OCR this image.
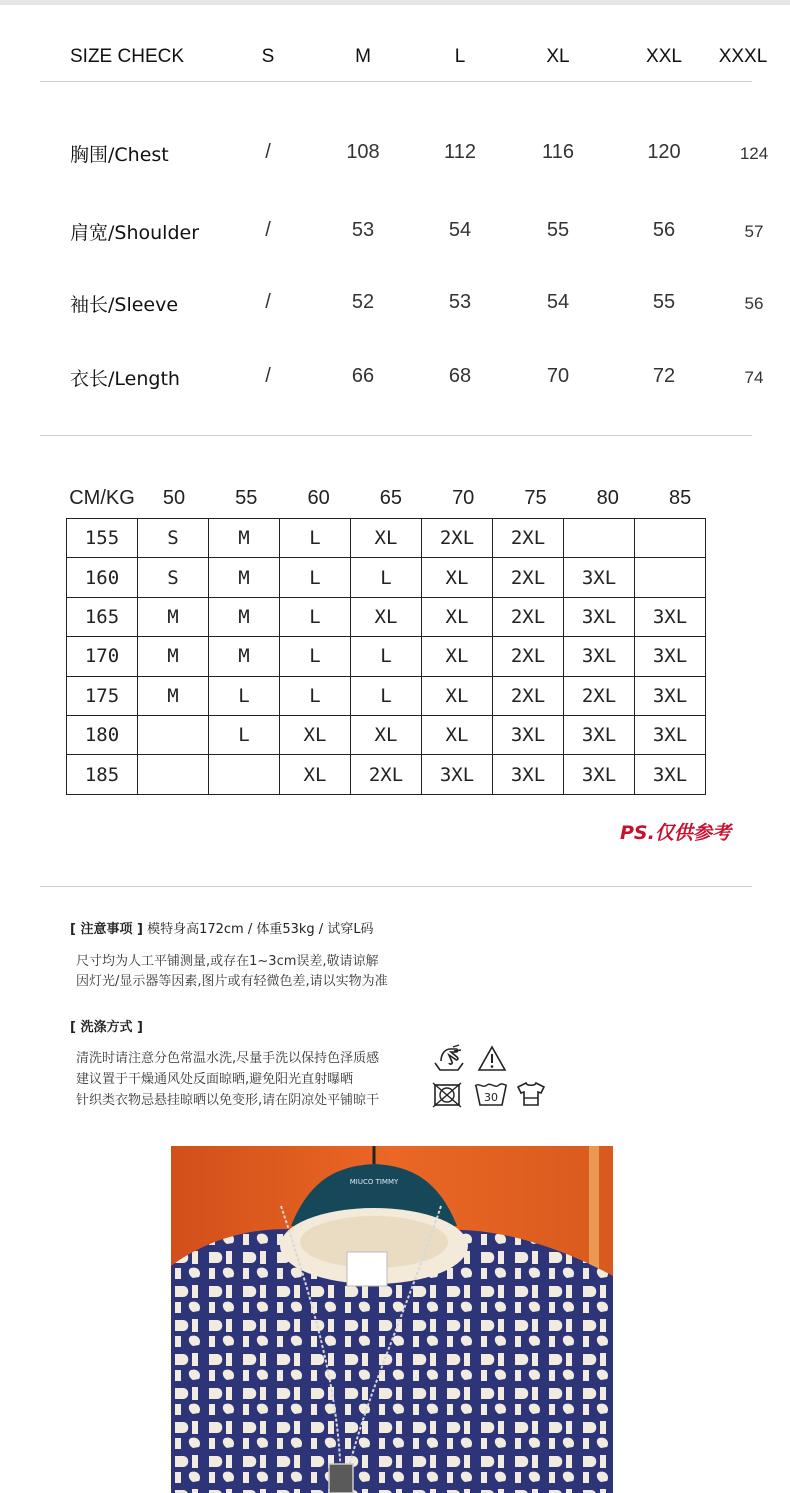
SIZE CHECK	S	M	L	XL	XXL XXXL
胸围/Chest	/	108	112	116	120	124
肩宽/Shoulder	/	53	54	55	56	57
袖长/Sleeve	/	52	53	54	55	56
衣长/Length	/	66	68	70	72	74
CM/KG 50	55	60	65	70	75	80	85
155	S	M	L	XL	2XL	2XL		
160	S	M	L	L	XL	2XL	3XL	
165	M	M	L	XL	XL	2XL	3XL	3XL
170	M	M	L	L	XL	2XL	3XL	3XL
175	M	L	L	L	XL	2XL	2XL	3XL
180		L	XL	XL	XL	3XL	3XL	3XL
185			XL	2XL	3XL	3XL	3XL	3XL
PS.仅供参考
[ 注意事项 ] 模特身高172cm / 体重53kg / 试穿L码
尺寸均为人工平铺测量,或存在1~3cm误差,敬请谅解
因灯光/显示器等因素,图片或有轻微色差,请以实物为准
[ 洗涤方式 ]
清洗时请注意分色常温水洗,尽量手洗以保持色泽质感
建议置于干燥通风处反面晾晒,避免阳光直射曝晒
针织类衣物忌悬挂晾晒以免变形,请在阴凉处平铺晾干	30
MIUCO TIMMY
